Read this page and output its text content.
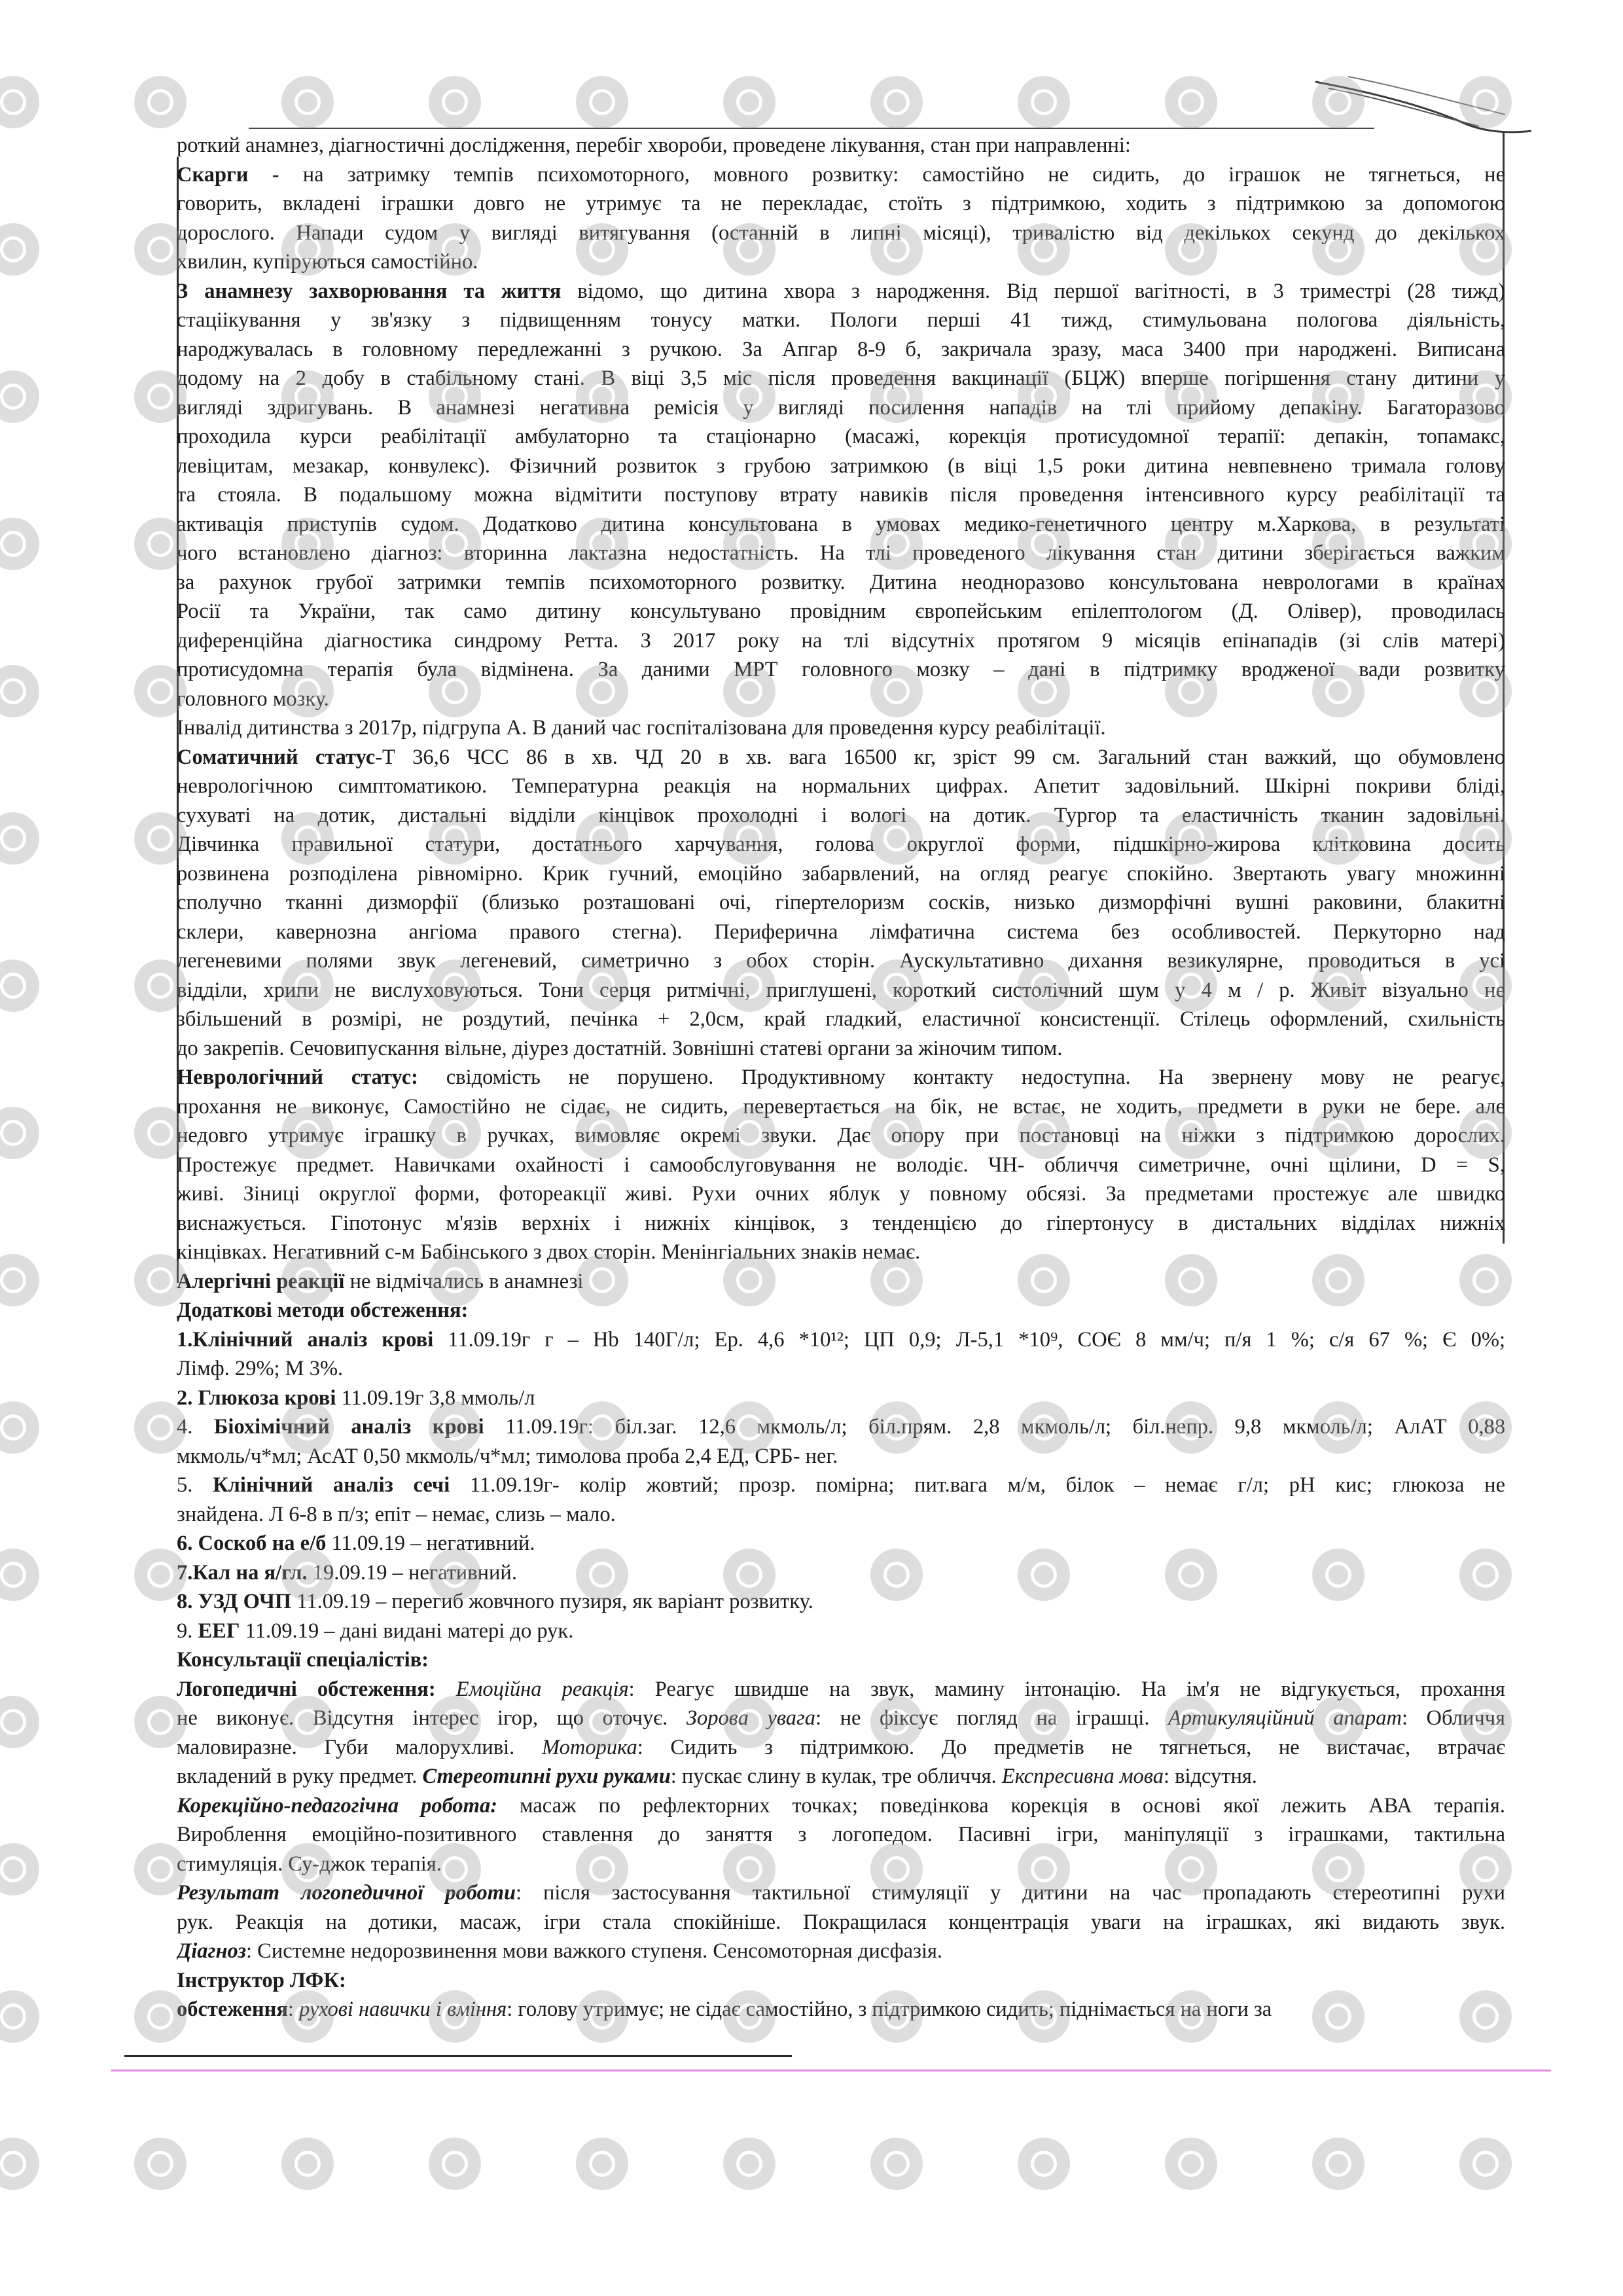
роткий анамнез, діагностичні дослідження, перебіг хвороби, проведене лікування, стан при направленні:
Скарги - на затримку темпів психомоторного, мовного розвитку: самостійно не сидить, до іграшок не тягнеться, не
говорить, вкладені іграшки довго не утримує та не перекладає, стоїть з підтримкою, ходить з підтримкою за допомогою
дорослого. Напади судом у вигляді витягування (останній в липні місяці), тривалістю від декількох секунд до декількох
хвилин, купіруються самостійно.
З анамнезу захворювання та життя відомо, що дитина хвора з народження. Від першої вагітності, в 3 триместрі (28 тижд)
стаціікування у зв'язку з підвищенням тонусу матки. Пологи перші 41 тижд, стимульована пологова діяльність,
народжувалась в головному передлежанні з ручкою. За Апгар 8-9 б, закричала зразу, маса 3400 при народжені. Виписана
додому на 2 добу в стабільному стані. В віці 3,5 міс після проведення вакцинації (БЦЖ) вперше погіршення стану дитини у
вигляді здригувань. В анамнезі негативна ремісія у вигляді посилення нападів на тлі прийому депакіну. Багаторазово
проходила курси реабілітації амбулаторно та стаціонарно (масажі, корекція протисудомної терапії: депакін, топамакс,
левіцитам, мезакар, конвулекс). Фізичний розвиток з грубою затримкою (в віці 1,5 роки дитина невпевнено тримала голову
та стояла. В подальшому можна відмітити поступову втрату навиків після проведення інтенсивного курсу реабілітації та
активація приступів судом. Додатково дитина консультована в умовах медико-генетичного центру м.Харкова, в результаті
чого встановлено діагноз: вторинна лактазна недостатність. На тлі проведеного лікування стан дитини зберігається важким
за рахунок грубої затримки темпів психомоторного розвитку. Дитина неодноразово консультована неврологами в країнах
Росії та України, так само дитину консультувано провідним європейським епілептологом (Д. Олівер), проводилась
диференційна діагностика синдрому Ретта. З 2017 року на тлі відсутніх протягом 9 місяців епінападів (зі слів матері)
протисудомна терапія була відмінена. За даними МРТ головного мозку – дані в підтримку вродженої вади розвитку
головного мозку.
Інвалід дитинства з 2017р, підгрупа А. В даний час госпіталізована для проведення курсу реабілітації.
Соматичний статус-Т 36,6 ЧСС 86 в хв. ЧД 20 в хв. вага 16500 кг, зріст 99 см. Загальний стан важкий, що обумовлено
неврологічною симптоматикою. Температурна реакція на нормальних цифрах. Апетит задовільний. Шкірні покриви бліді,
сухуваті на дотик, дистальні відділи кінцівок прохолодні і вологі на дотик. Тургор та еластичність тканин задовільні.
Дівчинка правильної статури, достатнього харчування, голова округлої форми, підшкірно-жирова клітковина досить
розвинена розподілена рівномірно. Крик гучний, емоційно забарвлений, на огляд реагує спокійно. Звертають увагу множинні
сполучно тканні дизморфії (близько розташовані очі, гіпертелоризм сосків, низько дизморфічні вушні раковини, блакитні
склери, кавернозна ангіома правого стегна). Периферична лімфатична система без особливостей. Перкуторно над
легеневими полями звук легеневий, симетрично з обох сторін. Аускультативно дихання везикулярне, проводиться в усі
відділи, хрипи не вислуховуються. Тони серця ритмічні, приглушені, короткий систолічний шум у 4 м / р. Живіт візуально не
збільшений в розмірі, не роздутий, печінка + 2,0см, край гладкий, еластичної консистенції. Стілець оформлений, схильність
до закрепів. Сечовипускання вільне, діурез достатній. Зовнішні статеві органи за жіночим типом.
Неврологічний статус: свідомість не порушено. Продуктивному контакту недоступна. На звернену мову не реагує,
прохання не виконує, Самостійно не сідає, не сидить, перевертається на бік, не встає, не ходить, предмети в руки не бере. але
недовго утримує іграшку в ручках, вимовляє окремі звуки. Дає опору при постановці на ніжки з підтримкою дорослих.
Простежує предмет. Навичками охайності і самообслуговування не володіє. ЧН- обличчя симетричне, очні щілини, D = S,
живі. Зіниці округлої форми, фотореакції живі. Рухи очних яблук у повному обсязі. За предметами простежує але швидко
виснажується. Гіпотонус м'язів верхніх і нижніх кінцівок, з тенденцією до гіпертонусу в дистальних відділах нижніх
кінцівках. Негативний с-м Бабінського з двох сторін. Менінгіальних знаків немає.
Алергічні реакції не відмічались в анамнезі
Додаткові методи обстеження:
1.Клінічний аналіз крові 11.09.19г г – Hb 140Г/л; Ер. 4,6 *10¹²; ЦП 0,9; Л-5,1 *10⁹, СОЄ 8 мм/ч; п/я 1 %; с/я 67 %; Є 0%;
Лімф. 29%; М 3%.
2. Глюкоза крові 11.09.19г 3,8 ммоль/л
4. Біохімічний аналіз крові 11.09.19г: біл.заг. 12,6 мкмоль/л; біл.прям. 2,8 мкмоль/л; біл.непр. 9,8 мкмоль/л; АлАТ 0,88
мкмоль/ч*мл; АсАТ 0,50 мкмоль/ч*мл; тимолова проба 2,4 ЕД, СРБ- нег.
5. Клінічний аналіз сечі 11.09.19г- колір жовтий; прозр. помірна; пит.вага м/м, білок – немає г/л; рН кис; глюкоза не
знайдена. Л 6-8 в п/з; епіт – немає, слизь – мало.
6. Соскоб на е/б 11.09.19 – негативний.
7.Кал на я/гл. 19.09.19 – негативний.
8. УЗД ОЧП 11.09.19 – перегиб жовчного пузиря, як варіант розвитку.
9. ЕЕГ 11.09.19 – дані видані матері до рук.
Консультації спеціалістів:
Логопедичні обстеження: Емоційна реакція: Реагує швидше на звук, мамину інтонацію. На ім'я не відгукується, прохання
не виконує. Відсутня інтерес ігор, що оточує. Зорова увага: не фіксує погляд на іграшці. Артикуляційний апарат: Обличчя
маловиразне. Губи малорухливі. Моторика: Сидить з підтримкою. До предметів не тягнеться, не вистачає, втрачає
вкладений в руку предмет. Стереотипні рухи руками: пускає слину в кулак, тре обличчя. Експресивна мова: відсутня.
Корекційно-педагогічна робота: масаж по рефлекторних точках; поведінкова корекція в основі якої лежить АВА терапія.
Вироблення емоційно-позитивного ставлення до заняття з логопедом. Пасивні ігри, маніпуляції з іграшками, тактильна
стимуляція. Су-джок терапія.
Результат логопедичної роботи: після застосування тактильної стимуляції у дитини на час пропадають стереотипні рухи
рук. Реакція на дотики, масаж, ігри стала спокійніше. Покращилася концентрація уваги на іграшках, які видають звук.
Діагноз: Системне недорозвинення мови важкого ступеня. Сенсомоторная дисфазія.
Інструктор ЛФК:
обстеження: рухові навички і вміння: голову утримує; не сідає самостійно, з підтримкою сидить; піднімається на ноги за
